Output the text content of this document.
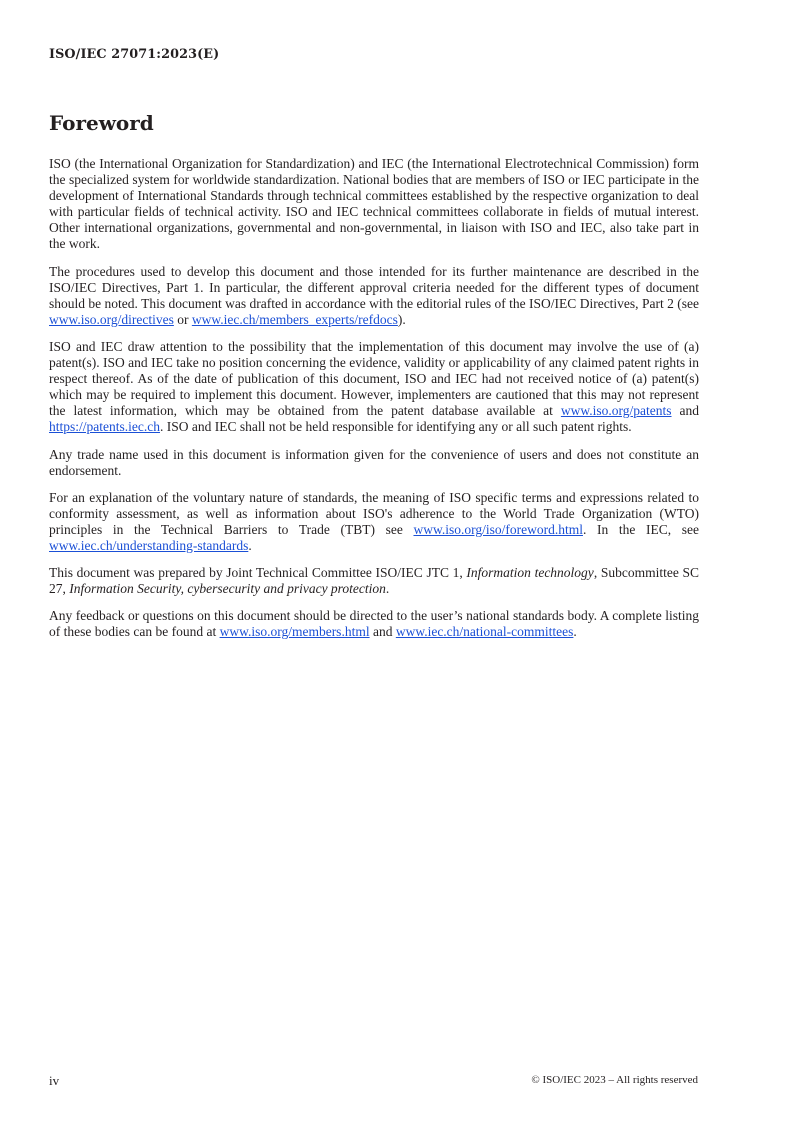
ISO/IEC 27071:2023(E)

Foreword

ISO (the International Organization for Standardization) and IEC (the International Electrotechnical Commission) form the specialized system for worldwide standardization. National bodies that are members of ISO or IEC participate in the development of International Standards through technical committees established by the respective organization to deal with particular fields of technical activity. ISO and IEC technical committees collaborate in fields of mutual interest. Other international organizations, governmental and non-governmental, in liaison with ISO and IEC, also take part in the work.

The procedures used to develop this document and those intended for its further maintenance are described in the ISO/IEC Directives, Part 1. In particular, the different approval criteria needed for the different types of document should be noted. This document was drafted in accordance with the editorial rules of the ISO/IEC Directives, Part 2 (see www.iso.org/directives or www.iec.ch/members_experts/refdocs).

ISO and IEC draw attention to the possibility that the implementation of this document may involve the use of (a) patent(s). ISO and IEC take no position concerning the evidence, validity or applicability of any claimed patent rights in respect thereof. As of the date of publication of this document, ISO and IEC had not received notice of (a) patent(s) which may be required to implement this document. However, implementers are cautioned that this may not represent the latest information, which may be obtained from the patent database available at www.iso.org/patents and https://patents.iec.ch. ISO and IEC shall not be held responsible for identifying any or all such patent rights.

Any trade name used in this document is information given for the convenience of users and does not constitute an endorsement.

For an explanation of the voluntary nature of standards, the meaning of ISO specific terms and expressions related to conformity assessment, as well as information about ISO's adherence to the World Trade Organization (WTO) principles in the Technical Barriers to Trade (TBT) see www.iso.org/iso/foreword.html. In the IEC, see www.iec.ch/understanding-standards.

This document was prepared by Joint Technical Committee ISO/IEC JTC 1, Information technology, Subcommittee SC 27, Information Security, cybersecurity and privacy protection.

Any feedback or questions on this document should be directed to the user’s national standards body. A complete listing of these bodies can be found at www.iso.org/members.html and www.iec.ch/national-committees.

iv	© ISO/IEC 2023 – All rights reserved
